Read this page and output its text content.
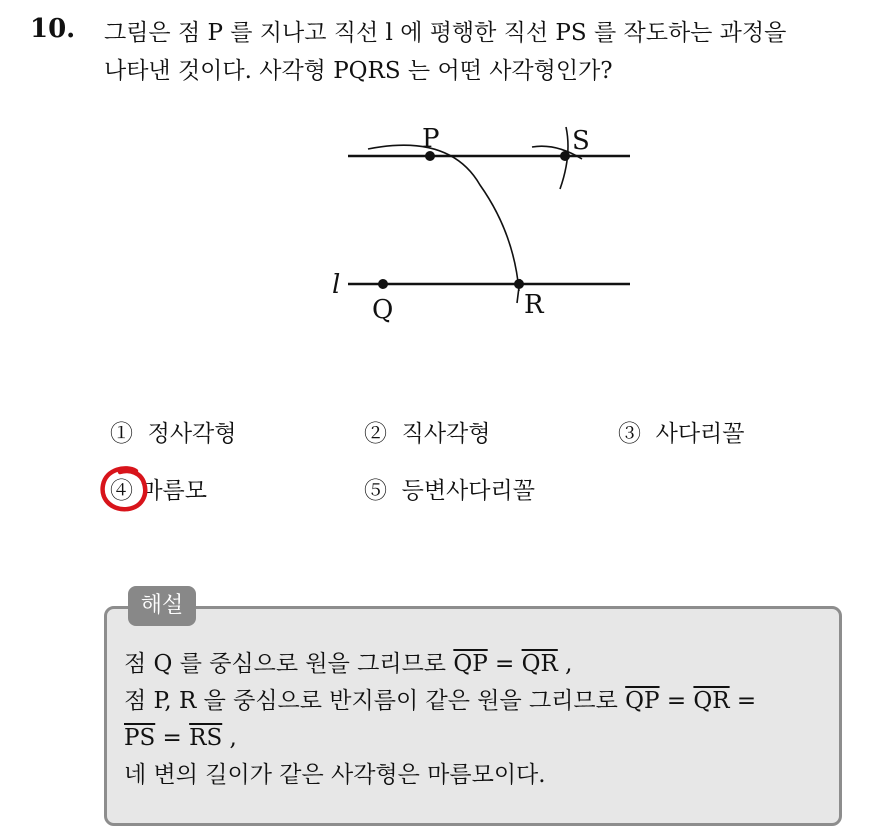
10. 그림은 점 P 를 지나고 직선 l 에 평행한 직선 PS 를 작도하는 과정을
나타낸 것이다. 사각형 PQRS 는 어떤 사각형인가?
P	S
Q	R
l
① 정사각형	② 직사각형	③ 사다리꼴
④ 마름모	⑤ 등변사다리꼴
해설
점 Q 를 중심으로 원을 그리므로 $\overline{QP} = \overline{QR}$ ,
점 P, R 을 중심으로 반지름이 같은 원을 그리므로 $\overline{QP} = \overline{QR}$ =
$\overline{PS} = \overline{RS}$ ,
네 변의 길이가 같은 사각형은 마름모이다.
